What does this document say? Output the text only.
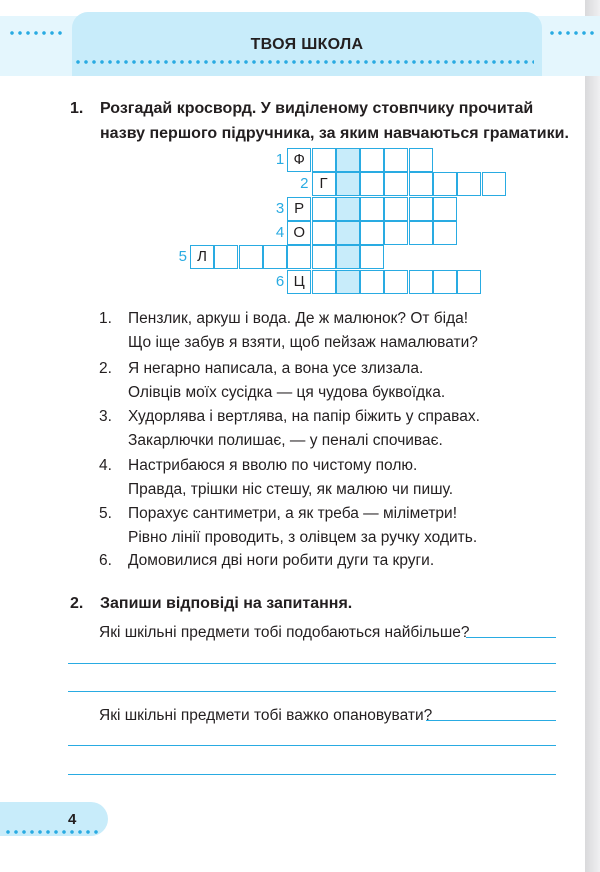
ТВОЯ ШКОЛА
1. Розгадай кросворд. У виділеному стовпчику прочитай назву першого підручника, за яким навчаються граматики.
1 Ф
2 Г
3 Р
4 О
5 Л
6 Ц
1. Пензлик, аркуш і вода. Де ж малюнок? От біда!
Що іще забув я взяти, щоб пейзаж намалювати?
2. Я негарно написала, а вона усе злизала.
Олівців моїх сусідка — ця чудова буквоїдка.
3. Худорлява і вертлява, на папір біжить у справах.
Закарлючки полишає, — у пеналі спочиває.
4. Настрибаюся я вволю по чистому полю.
Правда, трішки ніс стешу, як малюю чи пишу.
5. Порахує сантиметри, а як треба — міліметри!
Рівно лінії проводить, з олівцем за ручку ходить.
6. Домовилися дві ноги робити дуги та круги.
2. Запиши відповіді на запитання.
Які шкільні предмети тобі подобаються найбільше?
Які шкільні предмети тобі важко опановувати?
4
